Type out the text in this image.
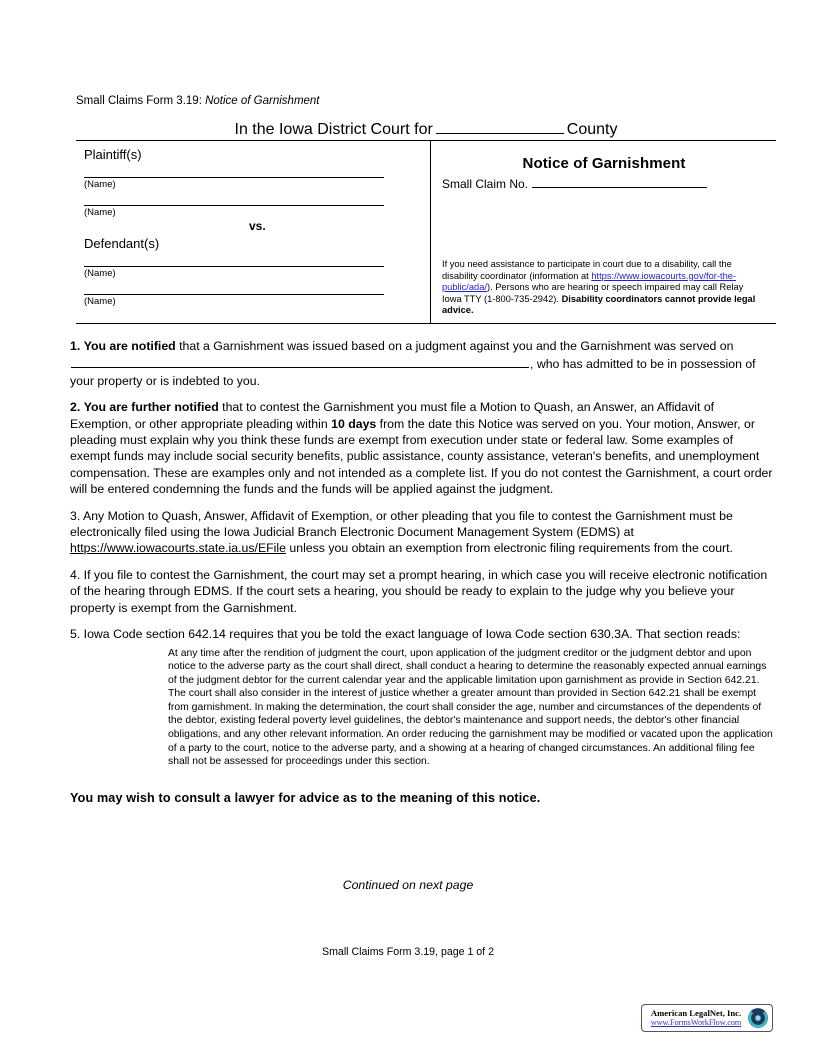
Small Claims Form 3.19: Notice of Garnishment
In the Iowa District Court for	County
Plaintiff(s)
(Name)
(Name)
vs.
Defendant(s)
(Name)
(Name)
Notice of Garnishment
Small Claim No.
If you need assistance to participate in court due to a disability, call the disability coordinator (information at https://www.iowacourts.gov/for-the-public/ada/). Persons who are hearing or speech impaired may call Relay Iowa TTY (1-800-735-2942). Disability coordinators cannot provide legal advice.
1. You are notified that a Garnishment was issued based on a judgment against you and the Garnishment was served on , who has admitted to be in possession of your property or is indebted to you.
2. You are further notified that to contest the Garnishment you must file a Motion to Quash, an Answer, an Affidavit of Exemption, or other appropriate pleading within 10 days from the date this Notice was served on you. Your motion, Answer, or pleading must explain why you think these funds are exempt from execution under state or federal law. Some examples of exempt funds may include social security benefits, public assistance, county assistance, veteran's benefits, and unemployment compensation. These are examples only and not intended as a complete list. If you do not contest the Garnishment, a court order will be entered condemning the funds and the funds will be applied against the judgment.
3. Any Motion to Quash, Answer, Affidavit of Exemption, or other pleading that you file to contest the Garnishment must be electronically filed using the Iowa Judicial Branch Electronic Document Management System (EDMS) at https://www.iowacourts.state.ia.us/EFile unless you obtain an exemption from electronic filing requirements from the court.
4. If you file to contest the Garnishment, the court may set a prompt hearing, in which case you will receive electronic notification of the hearing through EDMS. If the court sets a hearing, you should be ready to explain to the judge why you believe your property is exempt from the Garnishment.
5. Iowa Code section 642.14 requires that you be told the exact language of Iowa Code section 630.3A. That section reads:
At any time after the rendition of judgment the court, upon application of the judgment creditor or the judgment debtor and upon notice to the adverse party as the court shall direct, shall conduct a hearing to determine the reasonably expected annual earnings of the judgment debtor for the current calendar year and the applicable limitation upon garnishment as provide in Section 642.21. The court shall also consider in the interest of justice whether a greater amount than provided in Section 642.21 shall be exempt from garnishment. In making the determination, the court shall consider the age, number and circumstances of the dependents of the debtor, existing federal poverty level guidelines, the debtor's maintenance and support needs, the debtor's other financial obligations, and any other relevant information. An order reducing the garnishment may be modified or vacated upon the application of a party to the court, notice to the adverse party, and a showing at a hearing of changed circumstances. An additional filing fee shall not be assessed for proceedings under this section.
You may wish to consult a lawyer for advice as to the meaning of this notice.
Continued on next page
Small Claims Form 3.19, page 1 of 2
American LegalNet, Inc.
www.FormsWorkFlow.com
